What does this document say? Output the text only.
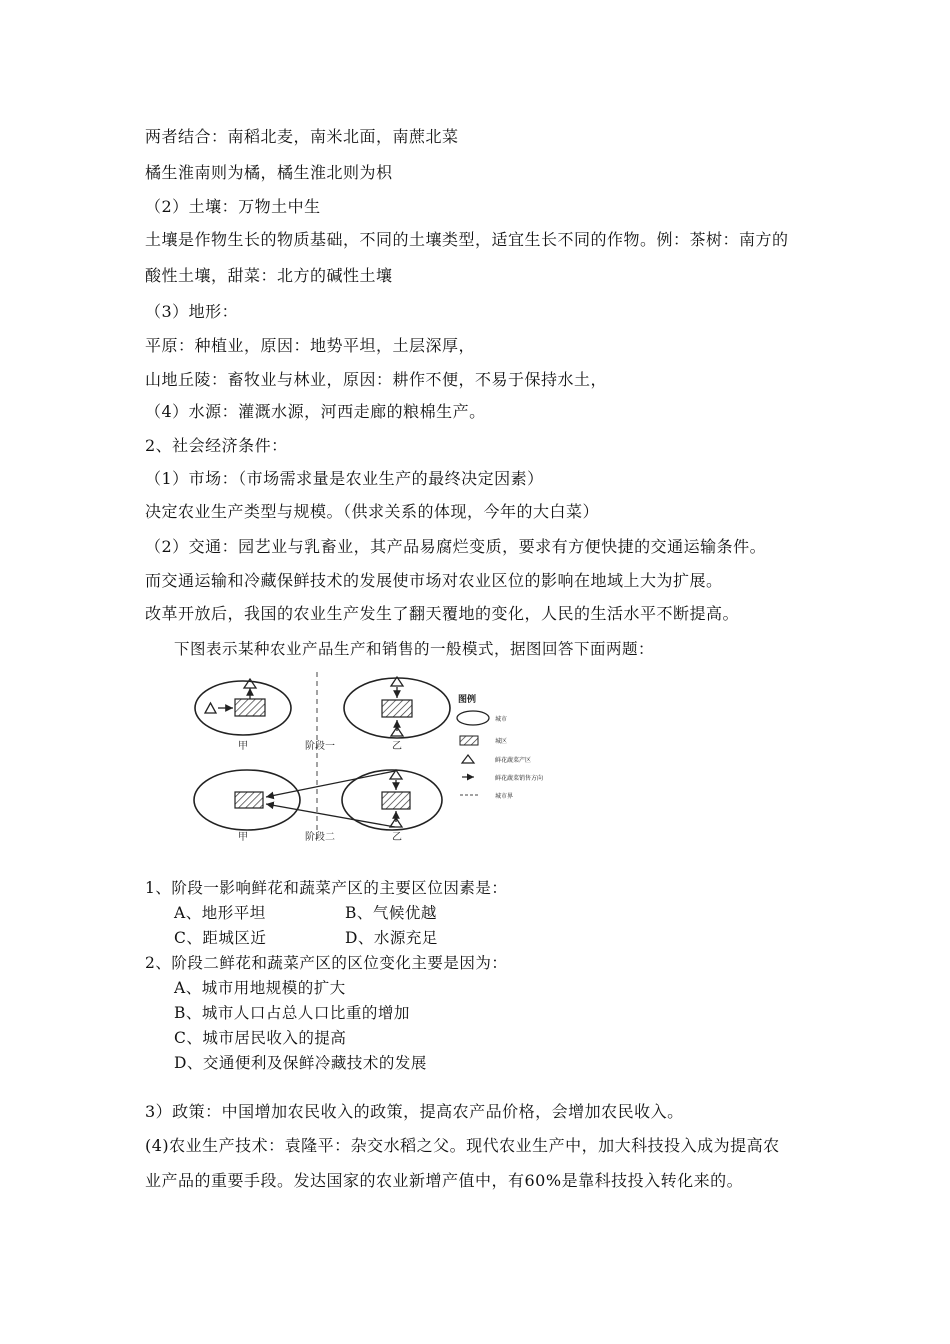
两者结合：南稻北麦，南米北面，南蔗北菜
橘生淮南则为橘，橘生淮北则为枳
（2）土壤：万物土中生
土壤是作物生长的物质基础，不同的土壤类型，适宜生长不同的作物。例：茶树：南方的
酸性土壤，甜菜：北方的碱性土壤
（3）地形：
平原：种植业，原因：地势平坦，土层深厚，
山地丘陵：畜牧业与林业，原因：耕作不便，不易于保持水土，
（4）水源：灌溉水源，河西走廊的粮棉生产。
2、社会经济条件：
（1）市场：（市场需求量是农业生产的最终决定因素）
决定农业生产类型与规模。（供求关系的体现，今年的大白菜）
（2）交通：园艺业与乳畜业，其产品易腐烂变质，要求有方便快捷的交通运输条件。
而交通运输和冷藏保鲜技术的发展使市场对农业区位的影响在地域上大为扩展。
改革开放后，我国的农业生产发生了翻天覆地的变化，人民的生活水平不断提高。
下图表示某种农业产品生产和销售的一般模式，据图回答下面两题：
甲	阶段一	乙
甲	阶段二	乙
图例
城市
城区
鲜花蔬菜产区
鲜花蔬菜销售方向
城市界
1、阶段一影响鲜花和蔬菜产区的主要区位因素是：
A、地形平坦	B、气候优越
C、距城区近	D、水源充足
2、阶段二鲜花和蔬菜产区的区位变化主要是因为：
A、城市用地规模的扩大
B、城市人口占总人口比重的增加
C、城市居民收入的提高
D、交通便利及保鲜冷藏技术的发展
3）政策：中国增加农民收入的政策，提高农产品价格，会增加农民收入。
(4)农业生产技术：袁隆平：杂交水稻之父。现代农业生产中，加大科技投入成为提高农
业产品的重要手段。发达国家的农业新增产值中，有60%是靠科技投入转化来的。
